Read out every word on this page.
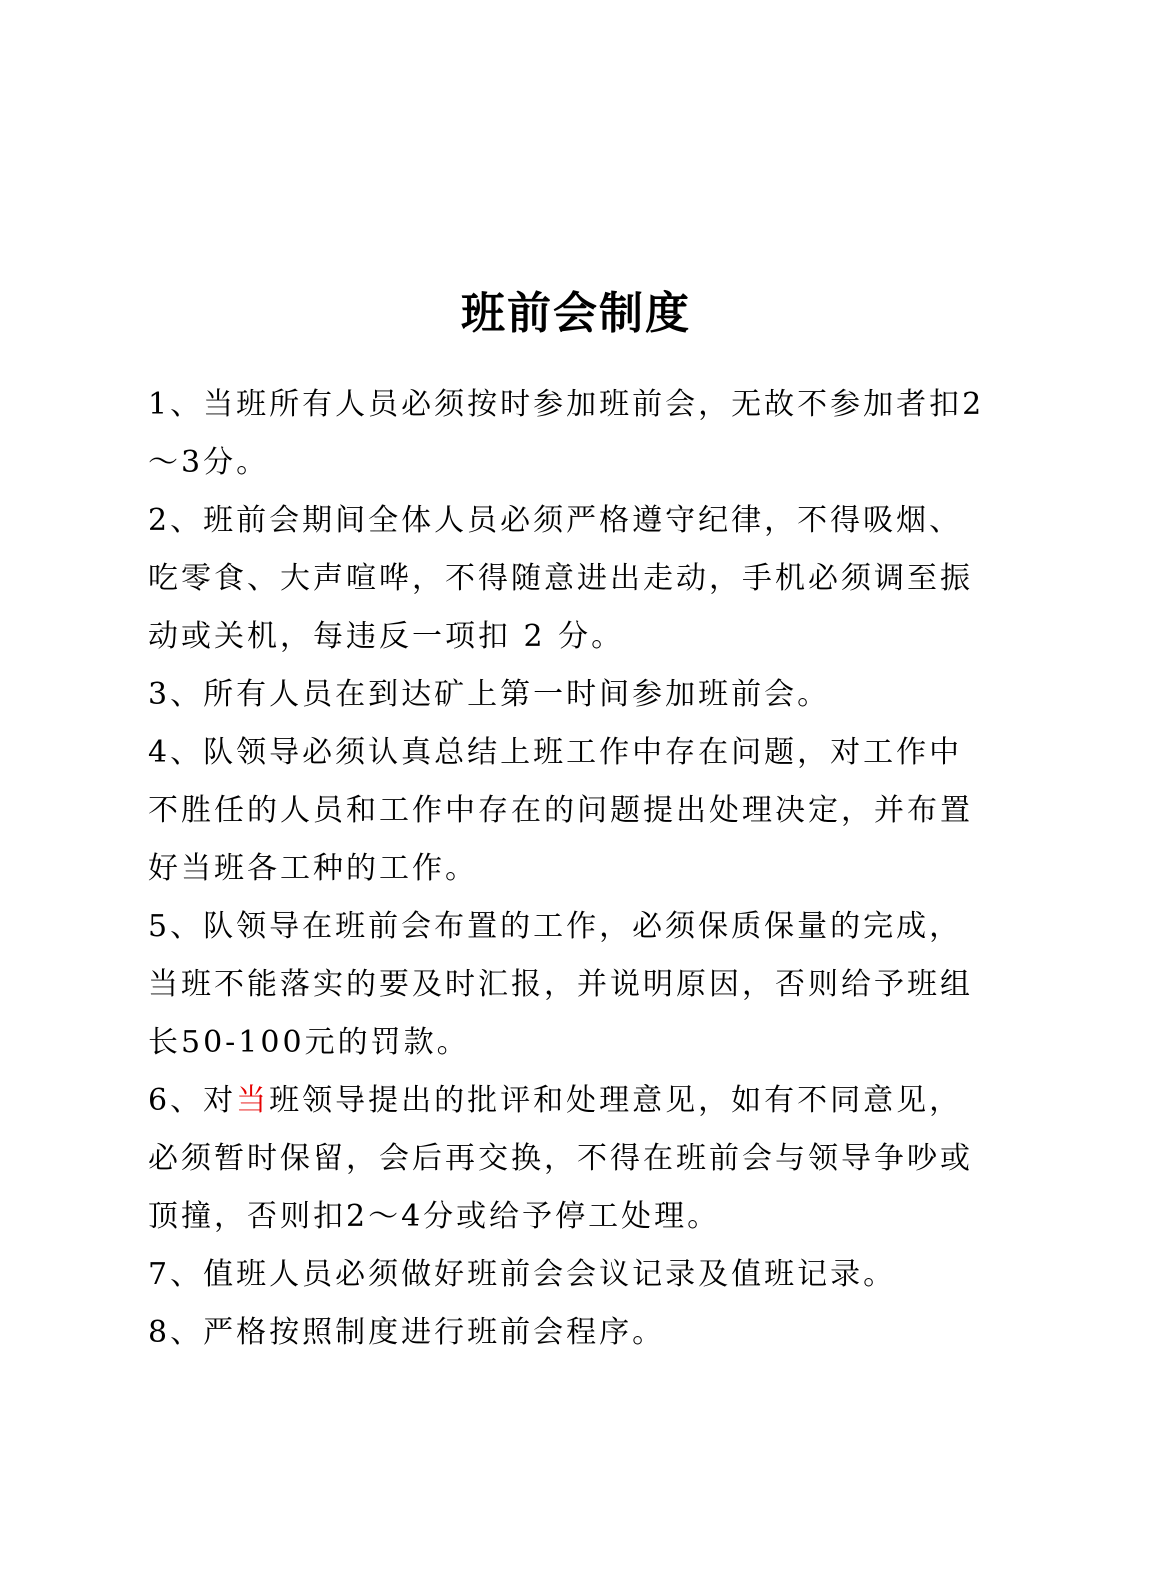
班前会制度

1、当班所有人员必须按时参加班前会，无故不参加者扣2～3分。

2、班前会期间全体人员必须严格遵守纪律，不得吸烟、吃零食、大声喧哗，不得随意进出走动，手机必须调至振动或关机，每违反一项扣 2 分。

3、所有人员在到达矿上第一时间参加班前会。

4、队领导必须认真总结上班工作中存在问题，对工作中不胜任的人员和工作中存在的问题提出处理决定，并布置好当班各工种的工作。

5、队领导在班前会布置的工作，必须保质保量的完成，当班不能落实的要及时汇报，并说明原因，否则给予班组长50-100元的罚款。

6、对当班领导提出的批评和处理意见，如有不同意见，必须暂时保留，会后再交换，不得在班前会与领导争吵或顶撞，否则扣2～4分或给予停工处理。

7、值班人员必须做好班前会会议记录及值班记录。

8、严格按照制度进行班前会程序。
